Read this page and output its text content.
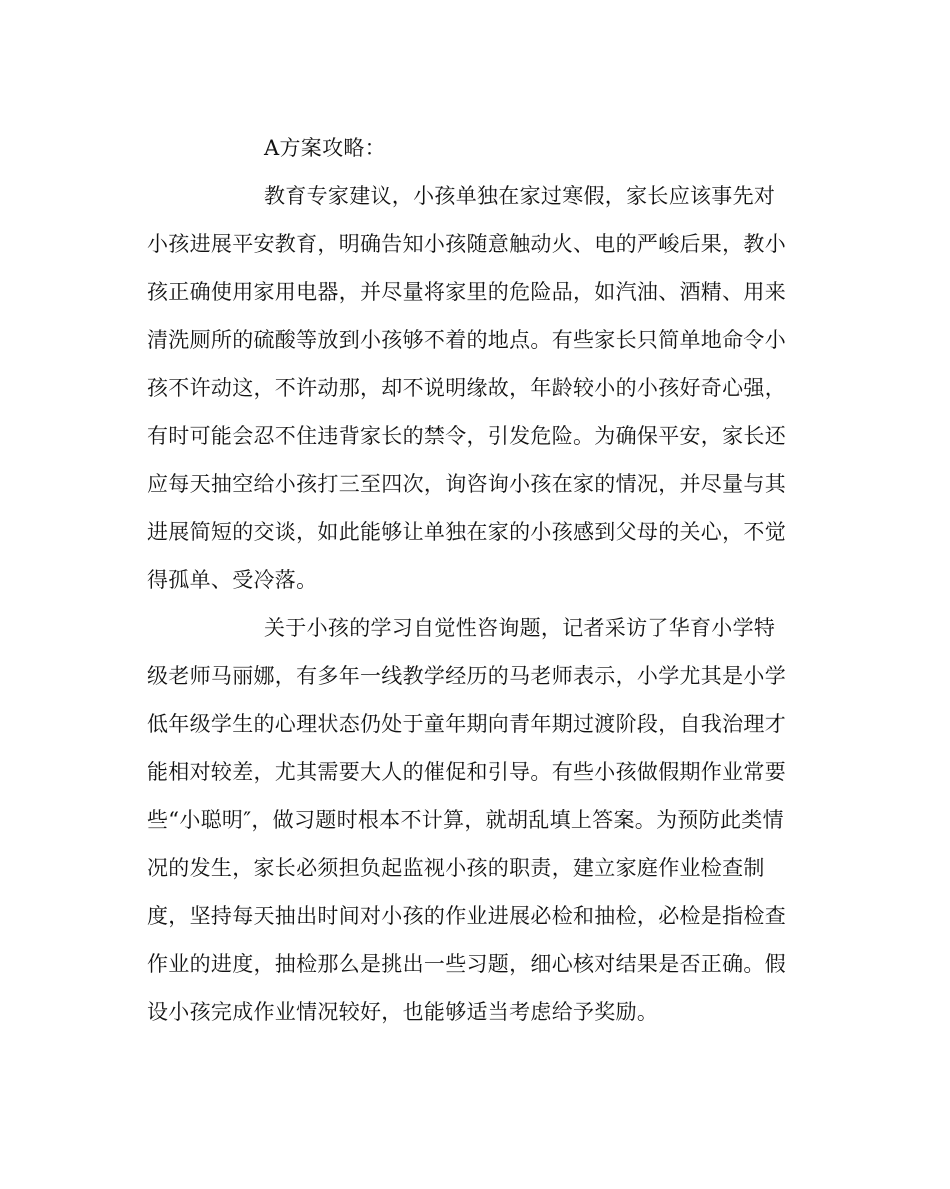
A方案攻略：
教育专家建议，小孩单独在家过寒假，家长应该事先对
小孩进展平安教育，明确告知小孩随意触动火、电的严峻后果，教小
孩正确使用家用电器，并尽量将家里的危险品，如汽油、酒精、用来
清洗厕所的硫酸等放到小孩够不着的地点。有些家长只简单地命令小
孩不许动这，不许动那，却不说明缘故，年龄较小的小孩好奇心强，
有时可能会忍不住违背家长的禁令，引发危险。为确保平安，家长还
应每天抽空给小孩打三至四次，询咨询小孩在家的情况，并尽量与其
进展简短的交谈，如此能够让单独在家的小孩感到父母的关心，不觉
得孤单、受冷落。
关于小孩的学习自觉性咨询题，记者采访了华育小学特
级老师马丽娜，有多年一线教学经历的马老师表示，小学尤其是小学
低年级学生的心理状态仍处于童年期向青年期过渡阶段，自我治理才
能相对较差，尤其需要大人的催促和引导。有些小孩做假期作业常要
些“小聪明″，做习题时根本不计算，就胡乱填上答案。为预防此类情
况的发生，家长必须担负起监视小孩的职责，建立家庭作业检查制
度，坚持每天抽出时间对小孩的作业进展必检和抽检，必检是指检查
作业的进度，抽检那么是挑出一些习题，细心核对结果是否正确。假
设小孩完成作业情况较好，也能够适当考虑给予奖励。
